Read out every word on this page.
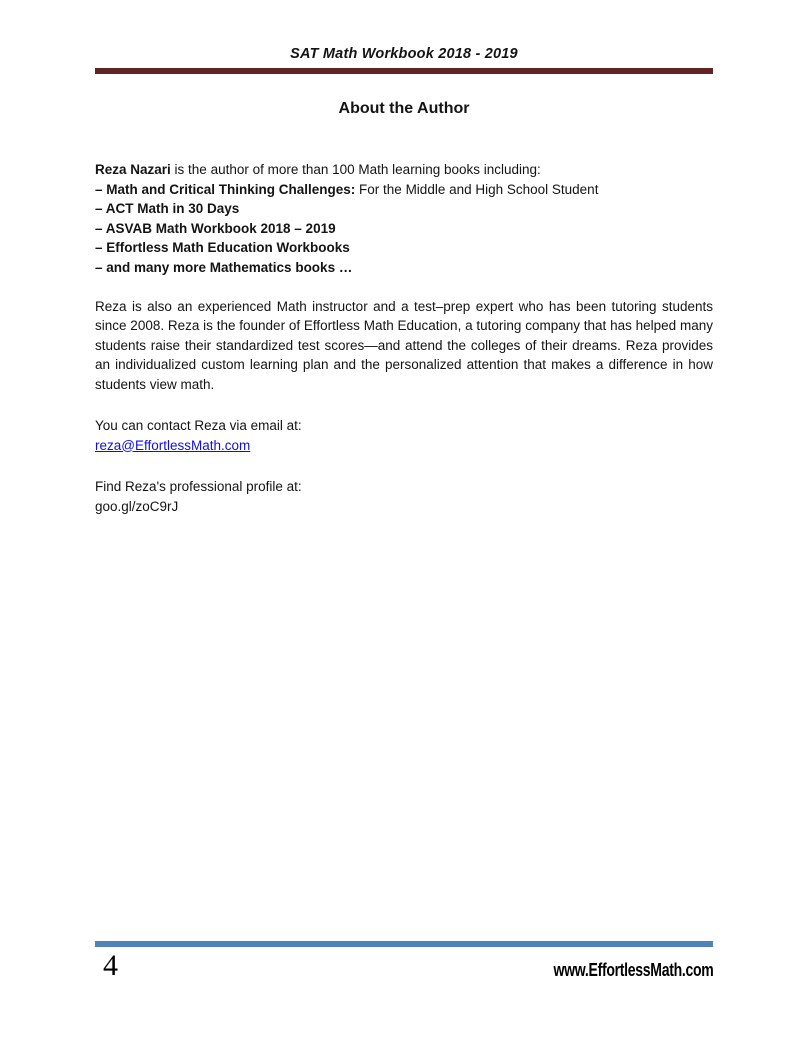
SAT Math Workbook 2018 - 2019
About the Author
Reza Nazari is the author of more than 100 Math learning books including:
– Math and Critical Thinking Challenges: For the Middle and High School Student
– ACT Math in 30 Days
– ASVAB Math Workbook 2018 – 2019
– Effortless Math Education Workbooks
– and many more Mathematics books …

Reza is also an experienced Math instructor and a test–prep expert who has been tutoring students since 2008. Reza is the founder of Effortless Math Education, a tutoring company that has helped many students raise their standardized test scores—and attend the colleges of their dreams. Reza provides an individualized custom learning plan and the personalized attention that makes a difference in how students view math.

You can contact Reza via email at:
reza@EffortlessMath.com
Find Reza's professional profile at:
goo.gl/zoC9rJ
4	www.EffortlessMath.com
